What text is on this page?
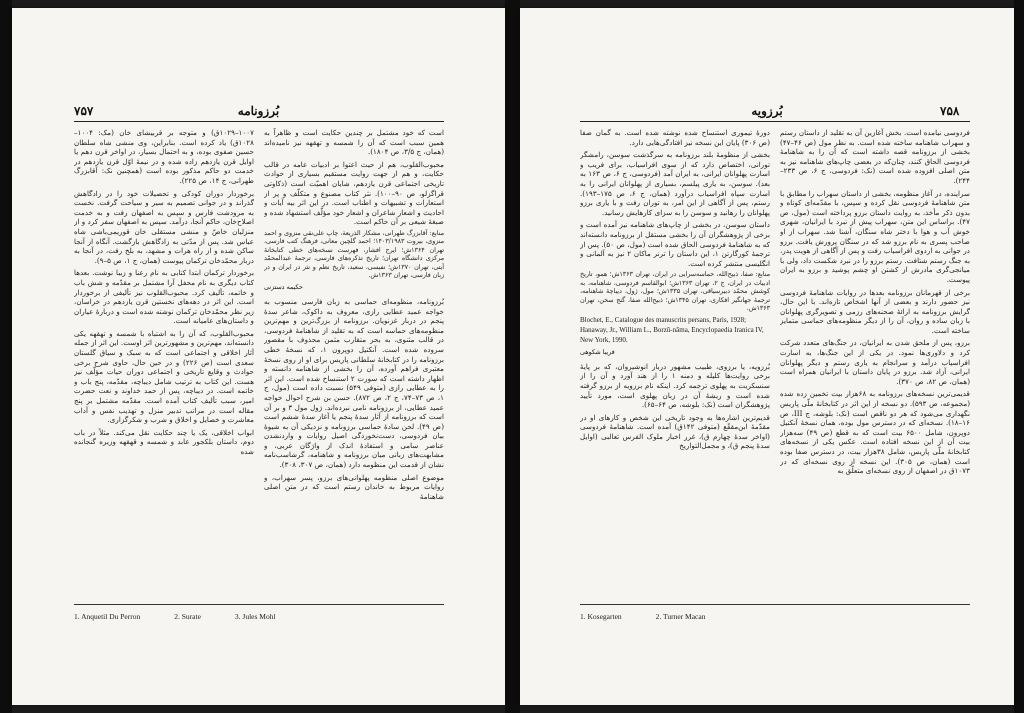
۷۵۷	بُرزونامه

است که خود مشتمل بر چندین حکایت است و ظاهراً به همین سبب است که آن را شمسه و تهقهه نیز نامیده‌اند (همان، ج ۳/۵، ص ۱۸۰۴).

محبوب‌القلوب، هم از حیث اعتوا بر ادبیات عامه در قالب حکایت، و هم از جهت روایت مستقیم بسیاری از حوادث تاریخی اجتماعی قرن یازدهم، شایان اهمیّت است (ذکاوتی قراگزلو، ص ۹۰–۱۰۰). نثر کتاب مصنوع و متکلّف و پر از استعارات و تشبیهات و اطناب است. در این اثر بیه آیات و احادیث و اشعار شاعران و اشعار خود مؤلّف استشهاد شده و صبغهٔ شیعی بر آن حاکم است.

منابع: آقابزرگ طهرانی، مشکار الذریعة، چاپ علی‌نقی منزوی و احمد منزوی، بیروت ۱۴۰۳/۱۹۸۳؛ احمد گلچین معانی، فرهنگ کتب فارسی، تهران ۱۳۶۴ش؛ ایرج افشار، فهرست نسخه‌های خطی کتابخانهٔ مرکزی دانشگاه تهران؛ تاریخ تذکره‌های فارسی، ترجمهٔ عبدالمحمّد آیتی، تهران ۱۳۷۰ش؛ نفیسی، سعید، تاریخ نظم و نثر در ایران و در زبان فارسی، تهران ۱۳۶۳ش.

حکیمه دستزنی

بُرزونامه، منظومه‌ای حماسی به زبان فارسی منسوب به خواجه عمید عطایی رازی، معروف به داکوک، شاعر سدهٔ پنجم در دربار غزنویان. برزونامه از بزرگ‌ترین و مهم‌ترین منظومه‌های حماسه است که به تقلید از شاهنامهٔ فردوسی، در قالب مثنوی، به بحر متقارب مثمن محذوف با مقصور سروده شده است. آنکتیل دوپرون ۱، که نسخهٔ خطی برزونامه را در کتابخانهٔ سلطانی پاریس برای او از روی نسخهٔ معتبری فراهم آورده، آن را بخشی از شاهنامه دانسته و اظهار داشته است که سورت ۲ استنساخ شده است. این اثر را به عطایی رازی (متوفی ۵۴۹) نسبت داده است (مول، ج ۱، ص ۷۳–۷۴، ج ۲، ص ۸۷۲). حسن بن شرح احوال خواجه عمید عطایی، از برزونامه نامی نبرده‌اند. ژول مول ۳ و بر آن است که برزونامه از آثار سدهٔ پنجم یا آغاز سدهٔ ششم است (ص ۴۹). لحن سادهٔ حماسی برزونامه و نزدیکی آن به شیوهٔ بیان فردوسی، دست‌نخوردگی اصیل روایات و واردنشدن عناصر سامی و استفادهٔ اندک از واژگان عربی، و مشابهت‌های زبانی میان برزونامه و شاهنامه، گرشاسب‌نامه نشان از قدمت این منظومه دارد (همان، ص ۳۰۷، ۳۰۸).

موضوع اصلی منظومه پهلوانی‌های برزو، پسر سهراب، و روایات مربوط به خاندان رستم است که در متن اصلی شاهنامهٔ

۱۰۰۷–۱۰۲۹ق) و متوجه بر قربیشای خان (مک: ۱۰۰۴–۱۰۲۸ق) یاد کرده است. بنابراین، وی منشی شاه سلطان حسین صفوی بوده، و به احتمال بسیار، در اواخر قرن دهم یا اوایل قرن یازدهم زاده شده و در نیمهٔ اوّل قرن یازدهم در خدمت دو حاکم مذکور بوده است (همچنین نک: آقابزرگ طهرانی، ج ۱۴، ص ۲۲۵).

برخوردار دوران کودکی و تحصیلات خود را در زادگاهش گذراند و در جوانی تصمیم به سیر و سیاحت گرفت. نخست به مرودشت فارس و سپس به اصفهان رفت و به خدمت اصلاح‌خان، حاکم آنجا، درآمد. سپس به اصفهان سفر کرد و از منزلیان خاصّ و منشی مستقلی خان قوریمی‌باشی شاه عباس شد. پس از مدّتی به زادگاهش بازگشت. آنگاه از آنجا ساکن شده و از راه هرات و مشهد، به بلخ رفت، در آنجا به دربار محمّدخان ترکمان پیوست (همان، ج ۱، ص ۵–۹).

برخوردار ترکمان ابتدا کتابی به نام رعنا و زیبا نوشت. بعدها کتاب دیگری به نام محفل آرا مشتمل بر مقدّمه و شش باب و خاتمه، تألیف کرد. محبوب‌القلوب نیز تألیفی از برخوردار است. این اثر در دهه‌های نخستین قرن یازدهم در خراسان، زیر نظر محمّدخان ترکمان نوشته شده است و دربارهٔ عیاران و داستان‌های عامیانه است.

محبوب‌القلوب، که آن را به اشتباه با شمسه و تهقهه یکی دانسته‌اند، مهم‌ترین و مشهورترین اثر اوست. این اثر از جمله آثار اخلاقی و اجتماعی است که به سبک و سیاق گلستان سعدی است (ص ۲۲۶) و در حین حال، حاوی شرح برخی حوادث و وقایع تاریخی و اجتماعی دوران حیات مؤلّف نیز هست. این کتاب به ترتیب شامل دیباچه، مقدّمه، پنج باب و خاتمه است. در دیباچه، پس از حمد خداوند و نعت حضرت امیر، سبب تألیف کتاب آمده است. مقدّمه مشتمل بر پنج مقاله است در مراتب تدبیر منزل و تهذیب نفس و آداب معاشرت و خصایل و اخلاق و شرب و شکرگزاری.

ابواب اخلاقی، یک یا چند حکایت نقل می‌کند. مثلاً در باب دوم، داستان بلکجور عابد و شمسه و قهقهه وزیره گنجانده شده

1. Anquetil Du Perron	2. Surate	3. Jules Mohl
۷۵۸
بُرزویه

فردوسی نیامده است. بخش آغازین آن به تقلید از داستان رستم و سهراب شاهنامه ساخته شده است. به نظر مول (ص ۴۶–۴۷) بخشی از برزونامه قصه داشته است که آن را به شاهنامهٔ فردوسی الحاق کنند، چنان‌که در بعضی چاپ‌های شاهنامه نیز به متن اصلی افزوده شده است (نک: فردوسی، ج ۶، ص ۲۳۳–۲۴۴).

سراینده، در آغاز منظومه، بخشی از داستان سهراب را مطابق با متن شاهنامهٔ فردوسی نقل کرده و سپس، با مقدّمه‌ای کوتاه و بدون ذکر مأخذ، به روایت داستان برزو پرداخته است (مول، ص ۴۷). براساس این متن، سهراب پیش از نبرد با ایرانیان، شهری خوش آب و هوا با دختر شاه سنگان، آشنا شد. سهراب از او صاحب پسری به نام برزو شد که در سنگان پرورش یافت. برزو در جوانی به اردوی افراسیاب رفت و پس از آگاهی از هویت پدر، به جنگ رستم شتافت. رستم برزو را در نبرد شکست داد، ولی با میانجی‌گری مادرش از کشتن او چشم پوشید و برزو به ایران پیوست.

برخی از قهرمانان برزونامه بعدها در روایات شاهنامهٔ فردوسی نیز حضور دارند و بعضی از آنها اشخاص تازه‌اند. با این حال، گرایش برزونامه به ارائهٔ صحنه‌های رزمی و تصویرگری پهلوانان با زبان ساده و روان، آن را از دیگر منظومه‌های حماسی متمایز ساخته است.

برزو، پس از ملحق شدن به ایرانیان، در جنگ‌های متعدد شرکت کرد و دلاوری‌ها نمود. در یکی از این جنگ‌ها، به اسارت افراسیاب درآمد و سرانجام به یاری رستم و دیگر پهلوانان ایرانی، آزاد شد. برزو در پایان داستان با ایرانیان همراه است (همان، ص ۸۲، ص ۳۷۰).

قدیمی‌ترین نسخه‌های برزونامه به ۶۸هزار بیت تخمین زده شده (مجموعه، ص ۵۹۳). دو نسخه از این اثر در کتابخانهٔ ملّی پاریس نگهداری می‌شود که هر دو ناقص است (نک: بلوشه، ج III، ص ۱۶–۱۸). نسخه‌ای که در دسترس مول بوده، همان نسخهٔ آنکتیل دوپرون، شامل ۶۵۰۰ بیت است که به قطع (ص ۴۹) سه‌هزار بیت آن از این نسخه افتاده است. عکس یکی از نسخه‌های کتابخانهٔ ملّی پاریس، شامل ۳۸هزار بیت، در دسترس صفا بوده است (همان، ص ۳۰۵). این نسخه از روی نسخه‌ای که در ۱۰۷۳ق در اصفهان از روی نسخه‌ای متعلّق به

دورهٔ تیموری استنساخ شده نوشته شده است. به گمان صفا (ص ۳۰۶) پایان این نسخه نیز افتادگی‌هایی دارد.

بخشی از منظومهٔ بلند برزونامه به سرگذشت سوسن، رامشگر تورانی، اختصاص دارد که از سوی افراسیاب، برای فریب و اسارت پهلوانان ایرانی، به ایران آمد (فردوسی، ج ۶، ص ۱۶۳ به بعد). سوسن، به یاری پیلسم، بسیاری از پهلوانان ایرانی را به اسارت سپاه افراسیاب درآورد (همان، ج ۶، ص ۱۷۵–۱۹۳). رستم، پس از آگاهی از این امر، به توران رفت و با یاری برزو پهلوانان را رهانید و سوسن را به سزای کارهایش رسانید.

داستان سوسن، در بخشی از چاپ‌های شاهنامه نیز آمده است و برخی از پژوهشگران آن را بخشی مستقل از برزونامه دانسته‌اند که به شاهنامهٔ فردوسی الحاق شده است (مول، ص ۵۰). پس از ترجمهٔ کورگارتن ۱، این داستان را ترنر ماکان ۲ نیز به آلمانی و انگلیسی منتشر کرده است.

منابع: صفا، ذبیح‌الله، حماسه‌سرایی در ایران، تهران ۱۳۶۳ش؛ همو، تاریخ ادبیات در ایران، ج ۲، تهران ۱۳۶۳ش؛ ابوالقاسم فردوسی، شاهنامه، به کوشش محمّد دبیرسیاقی، تهران ۱۳۳۵ش؛ مول، ژول، دیباچهٔ شاهنامه، ترجمهٔ جهانگیر افکاری، تهران ۱۳۴۵ش؛ ذبیح‌الله صفا، گنج سخن، تهران ۱۳۶۳ش.

Blochet, E., Catalogue des manuscrits persans, Paris, 1928; Hanaway, Jr., William L., Borzū-nāma, Encyclopaedia Iranica IV, New York, 1990.

فریبا شکوهی

بُرزویه، یا برزوی، طبیب مشهور دربار انوشیروان، که بر پایهٔ برخی روایت‌ها کلیله و دمنه ۱ را از هند آورد و آن را از سنسکریت به پهلوی ترجمه کرد. اینکه نام برزویه از برزو گرفته شده است و ریشهٔ آن در زبان پهلوی است، مورد تأیید پژوهشگران است (نک: بلوشه، ص ۶۴–۶۵).

قدیم‌ترین اشاره‌ها به وجود تاریخی این شخص و کارهای او در مقدّمهٔ ابن‌مقفّع (متوفی ۱۴۲ق) آمده است. شاهنامهٔ فردوسی (اواخر سدهٔ چهارم ق)، غرر اخبار ملوک الفرس ثعالبی (اوایل سدهٔ پنجم ق)، و مجمل‌التواریخ

1. Kosegarten	2. Turner Macan
